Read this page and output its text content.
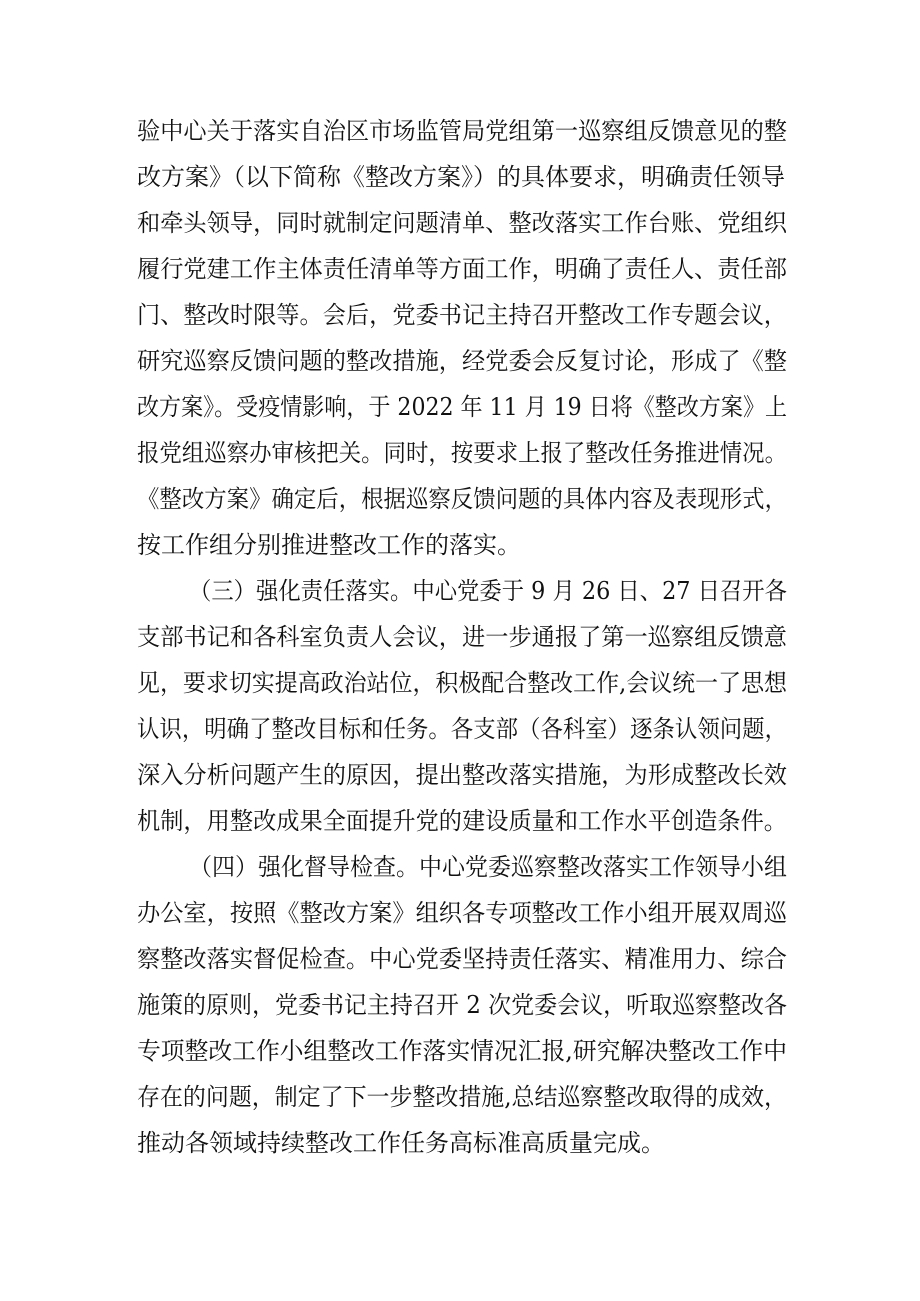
验中心关于落实自治区市场监管局党组第一巡察组反馈意见的整
改方案》（以下简称《整改方案》）的具体要求，明确责任领导
和牵头领导，同时就制定问题清单、整改落实工作台账、党组织
履行党建工作主体责任清单等方面工作，明确了责任人、责任部
门、整改时限等。会后，党委书记主持召开整改工作专题会议，
研究巡察反馈问题的整改措施，经党委会反复讨论，形成了《整
改方案》。受疫情影响，于 2022 年 11 月 19 日将《整改方案》上
报党组巡察办审核把关。同时，按要求上报了整改任务推进情况。
《整改方案》确定后，根据巡察反馈问题的具体内容及表现形式，
按工作组分别推进整改工作的落实。
（三）强化责任落实。中心党委于 9 月 26 日、27 日召开各
支部书记和各科室负责人会议，进一步通报了第一巡察组反馈意
见，要求切实提高政治站位，积极配合整改工作,会议统一了思想
认识，明确了整改目标和任务。各支部（各科室）逐条认领问题，
深入分析问题产生的原因，提出整改落实措施，为形成整改长效
机制，用整改成果全面提升党的建设质量和工作水平创造条件。
（四）强化督导检查。中心党委巡察整改落实工作领导小组
办公室，按照《整改方案》组织各专项整改工作小组开展双周巡
察整改落实督促检查。中心党委坚持责任落实、精准用力、综合
施策的原则，党委书记主持召开 2 次党委会议，听取巡察整改各
专项整改工作小组整改工作落实情况汇报,研究解决整改工作中
存在的问题，制定了下一步整改措施,总结巡察整改取得的成效，
推动各领域持续整改工作任务高标准高质量完成。
